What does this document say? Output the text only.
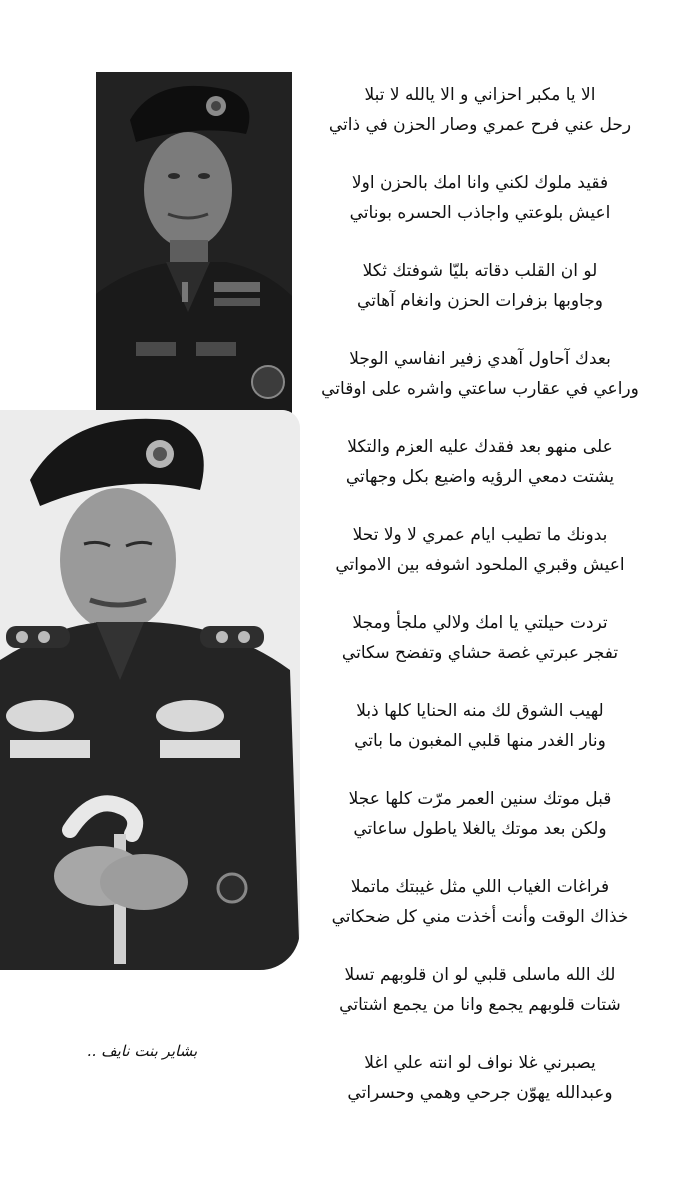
الا يا مكبر احزاني و الا يالله لا تبلا
رحل عني فرح عمري وصار الحزن في ذاتي
فقيد ملوك لكني وانا امك بالحزن اولا
اعيش بلوعتي واجاذب الحسره بوناتي
لو ان القلب دقاته بليّا شوفتك ثكلا
وجاوبها بزفرات الحزن وانغام آهاتي
بعدك آحاول آهدي زفير انفاسي الوجلا
وراعي في عقارب ساعتي واشره على اوقاتي
على منهو بعد فقدك عليه العزم والتكلا
يشتت دمعي الرؤيه واضيع بكل وجهاتي
بدونك ما تطيب ايام عمري لا ولا تحلا
اعيش وقبري الملحود اشوفه بين الامواتي
تردت حيلتي يا امك ولالي ملجأ ومجلا
تفجر عبرتي غصة حشاي وتفضح سكاتي
لهيب الشوق لك منه الحنايا كلها ذبلا
ونار الغدر منها قلبي المغبون ما باتي
قبل موتك سنين العمر مرّت كلها عجلا
ولكن بعد موتك يالغلا ياطول ساعاتي
فراغات الغياب اللي مثل غيبتك ماتملا
خذاك الوقت وأنت أخذت مني كل ضحكاتي
لك الله ماسلى قلبي لو ان قلوبهم تسلا
شتات قلوبهم يجمع وانا من يجمع اشتاتي
يصبرني غلا نواف لو انته علي اغلا
وعبدالله يهوّن جرحي وهمي وحسراتي
بشاير بنت نايف ..
